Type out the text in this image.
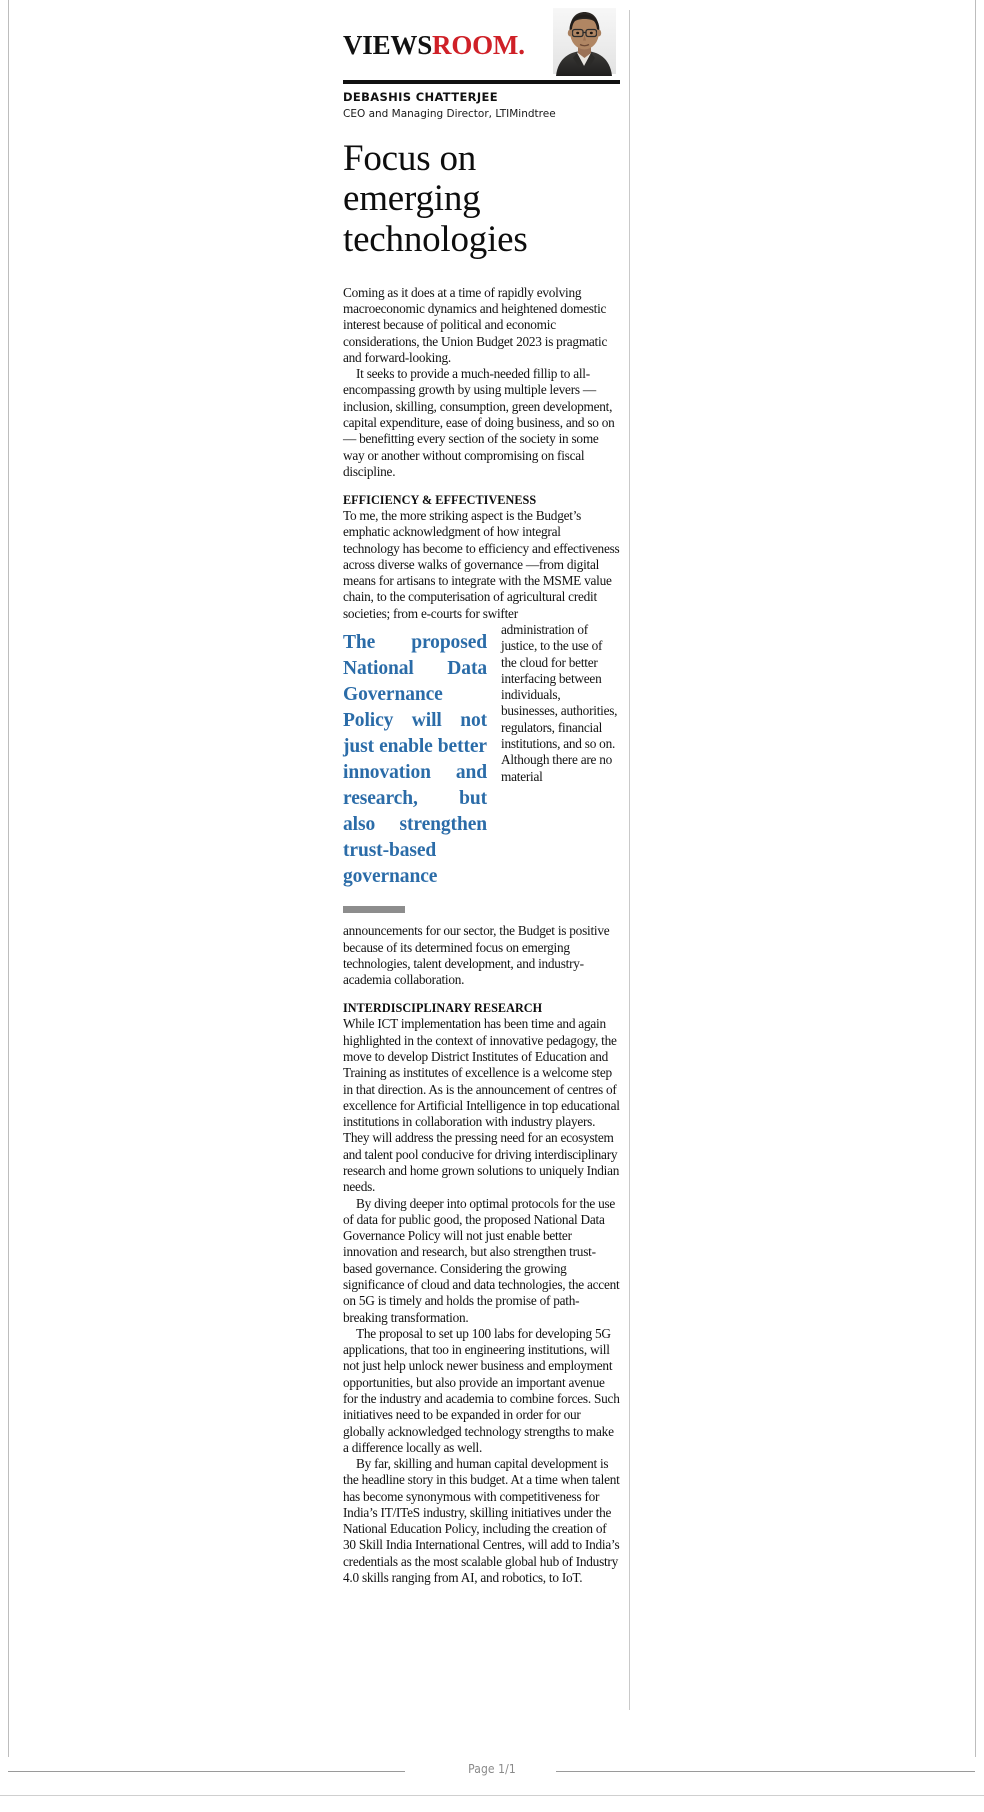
VIEWSROOM.
DEBASHIS CHATTERJEE
CEO and Managing Director, LTIMindtree
Focus on emerging technologies

Coming as it does at a time of rapidly evolving macroeconomic dynamics and heightened domestic interest because of political and economic considerations, the Union Budget 2023 is pragmatic and forward-looking.

It seeks to provide a much-needed fillip to all-encompassing growth by using multiple levers — inclusion, skilling, consumption, green development, capital expenditure, ease of doing business, and so on — benefitting every section of the society in some way or another without compromising on fiscal discipline.

EFFICIENCY & EFFECTIVENESS

To me, the more striking aspect is the Budget’s emphatic acknowledgment of how integral technology has become to efficiency and effectiveness across diverse walks of governance —from digital means for artisans to integrate with the MSME value chain, to the computerisation of agricultural credit societies; from e-courts for swifter

The proposed National Data Governance Policy will not just enable better innovation and research, but also strengthen trust-based governance
administration of justice, to the use of the cloud for better interfacing between individuals, businesses, authorities, regulators, financial institutions, and so on. Although there are no material

announcements for our sector, the Budget is positive because of its determined focus on emerging technologies, talent development, and industry-academia collaboration.

INTERDISCIPLINARY RESEARCH

While ICT implementation has been time and again highlighted in the context of innovative pedagogy, the move to develop District Institutes of Education and Training as institutes of excellence is a welcome step in that direction. As is the announcement of centres of excellence for Artificial Intelligence in top educational institutions in collaboration with industry players. They will address the pressing need for an ecosystem and talent pool conducive for driving interdisciplinary research and home grown solutions to uniquely Indian needs.

By diving deeper into optimal protocols for the use of data for public good, the proposed National Data Governance Policy will not just enable better innovation and research, but also strengthen trust-based governance. Considering the growing significance of cloud and data technologies, the accent on 5G is timely and holds the promise of path-breaking transformation.

The proposal to set up 100 labs for developing 5G applications, that too in engineering institutions, will not just help unlock newer business and employment opportunities, but also provide an important avenue for the industry and academia to combine forces. Such initiatives need to be expanded in order for our globally acknowledged technology strengths to make a difference locally as well.

By far, skilling and human capital development is the headline story in this budget. At a time when talent has become synonymous with competitiveness for India’s IT/ITeS industry, skilling initiatives under the National Education Policy, including the creation of 30 Skill India International Centres, will add to India’s credentials as the most scalable global hub of Industry 4.0 skills ranging from AI, and robotics, to IoT.

Page 1/1
